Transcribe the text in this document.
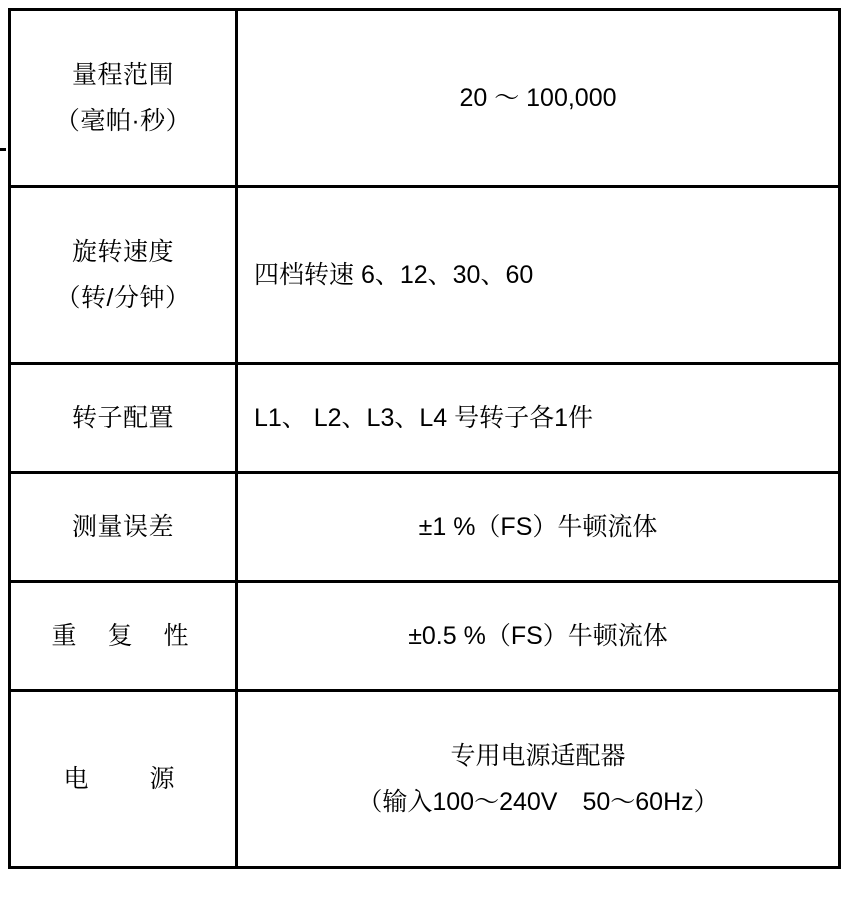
量程范围
（毫帕·秒）	20 ～ 100,000

旋转速度
（转/分钟）	四档转速 6、12、30、60

转子配置	L1、 L2、L3、L4 号转子各1件

测量误差	±1 %（FS）牛顿流体

重 复 性	±0.5 %（FS）牛顿流体

电　源	专用电源适配器
（输入100～240V　50～60Hz）
